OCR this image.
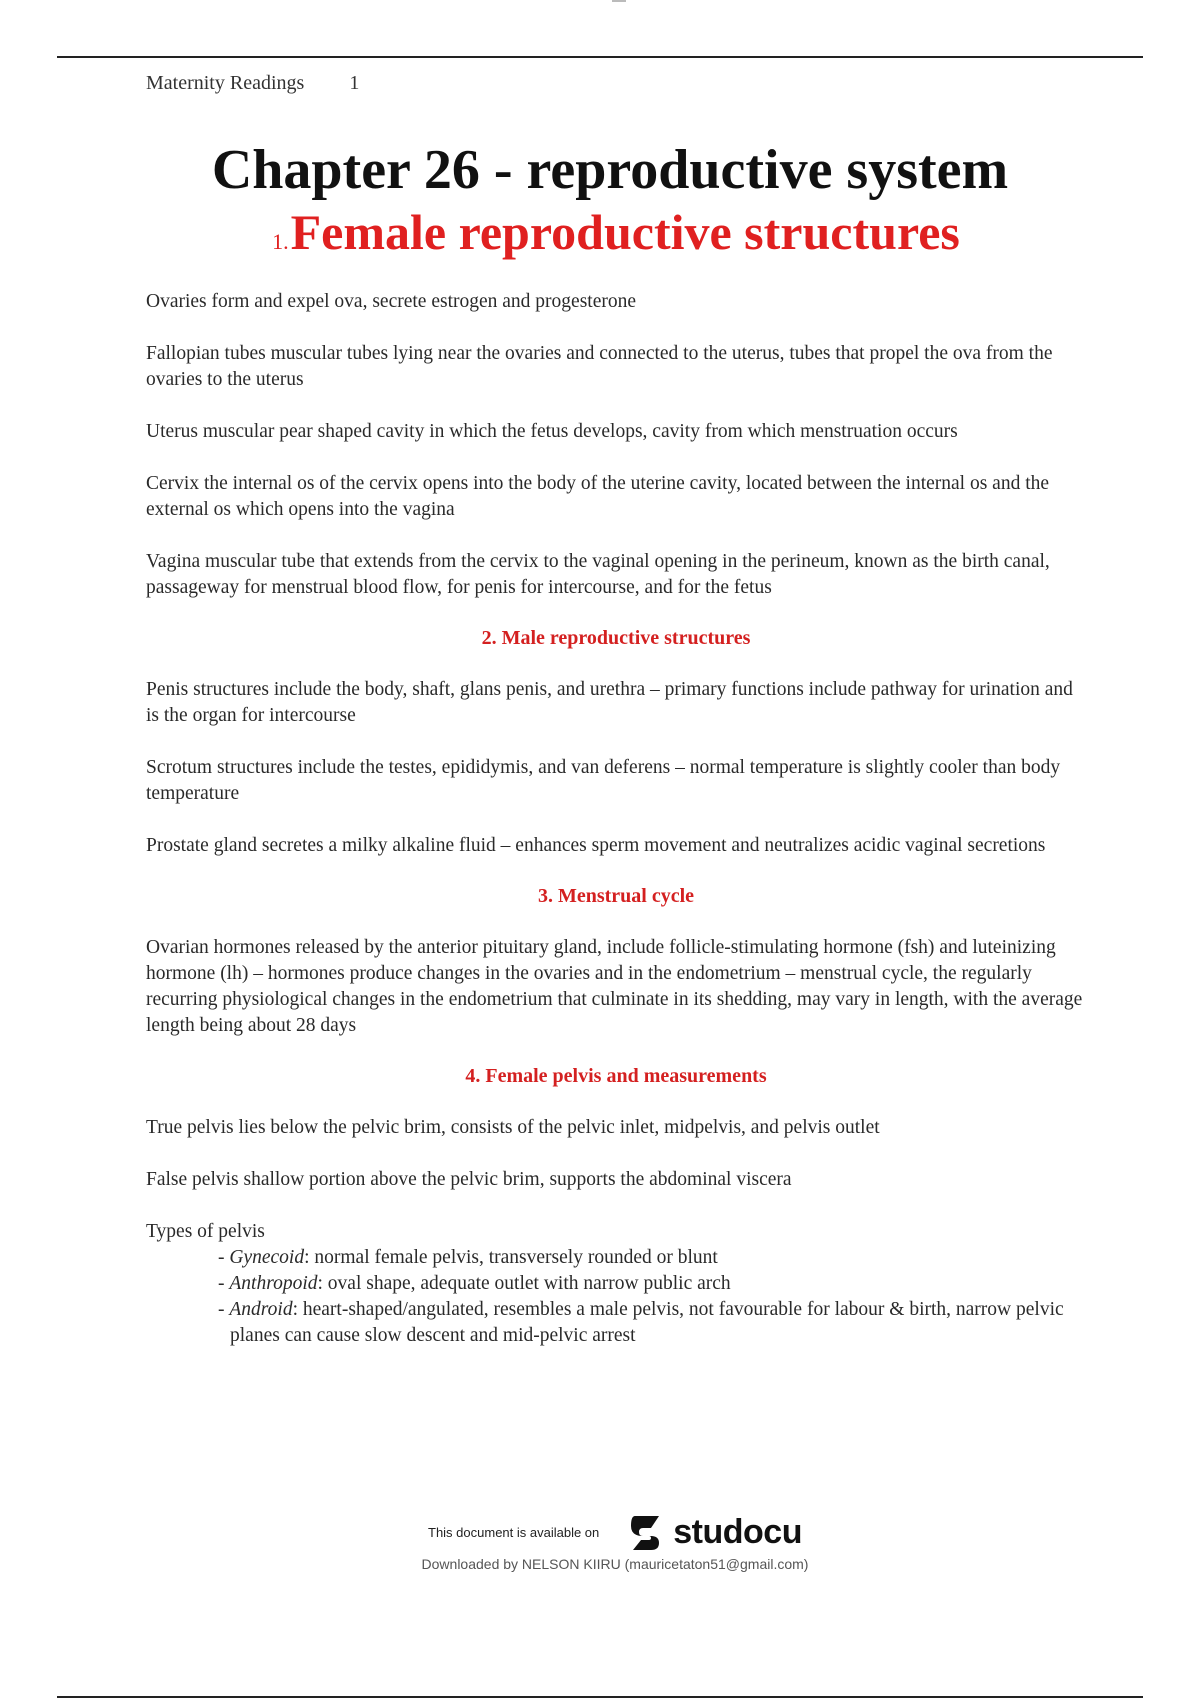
Maternity Readings 1
Chapter 26 - reproductive system
1.Female reproductive structures

Ovaries form and expel ova, secrete estrogen and progesterone

Fallopian tubes muscular tubes lying near the ovaries and connected to the uterus, tubes that propel the ova from the ovaries to the uterus

Uterus muscular pear shaped cavity in which the fetus develops, cavity from which menstruation occurs

Cervix the internal os of the cervix opens into the body of the uterine cavity, located between the internal os and the external os which opens into the vagina

Vagina muscular tube that extends from the cervix to the vaginal opening in the perineum, known as the birth canal, passageway for menstrual blood flow, for penis for intercourse, and for the fetus

2. Male reproductive structures

Penis structures include the body, shaft, glans penis, and urethra – primary functions include pathway for urination and is the organ for intercourse

Scrotum structures include the testes, epididymis, and van deferens – normal temperature is slightly cooler than body temperature

Prostate gland secretes a milky alkaline fluid – enhances sperm movement and neutralizes acidic vaginal secretions

3. Menstrual cycle

Ovarian hormones released by the anterior pituitary gland, include follicle-stimulating hormone (fsh) and luteinizing hormone (lh) – hormones produce changes in the ovaries and in the endometrium – menstrual cycle, the regularly recurring physiological changes in the endometrium that culminate in its shedding, may vary in length, with the average length being about 28 days

4. Female pelvis and measurements

True pelvis lies below the pelvic brim, consists of the pelvic inlet, midpelvis, and pelvis outlet

False pelvis shallow portion above the pelvic brim, supports the abdominal viscera

Types of pelvis

- Gynecoid: normal female pelvis, transversely rounded or blunt
- Anthropoid: oval shape, adequate outlet with narrow public arch
- Android: heart-shaped/angulated, resembles a male pelvis, not favourable for labour & birth, narrow pelvic planes can cause slow descent and mid-pelvic arrest
This document is available on studocu
Downloaded by NELSON KIIRU (mauricetaton51@gmail.com)
